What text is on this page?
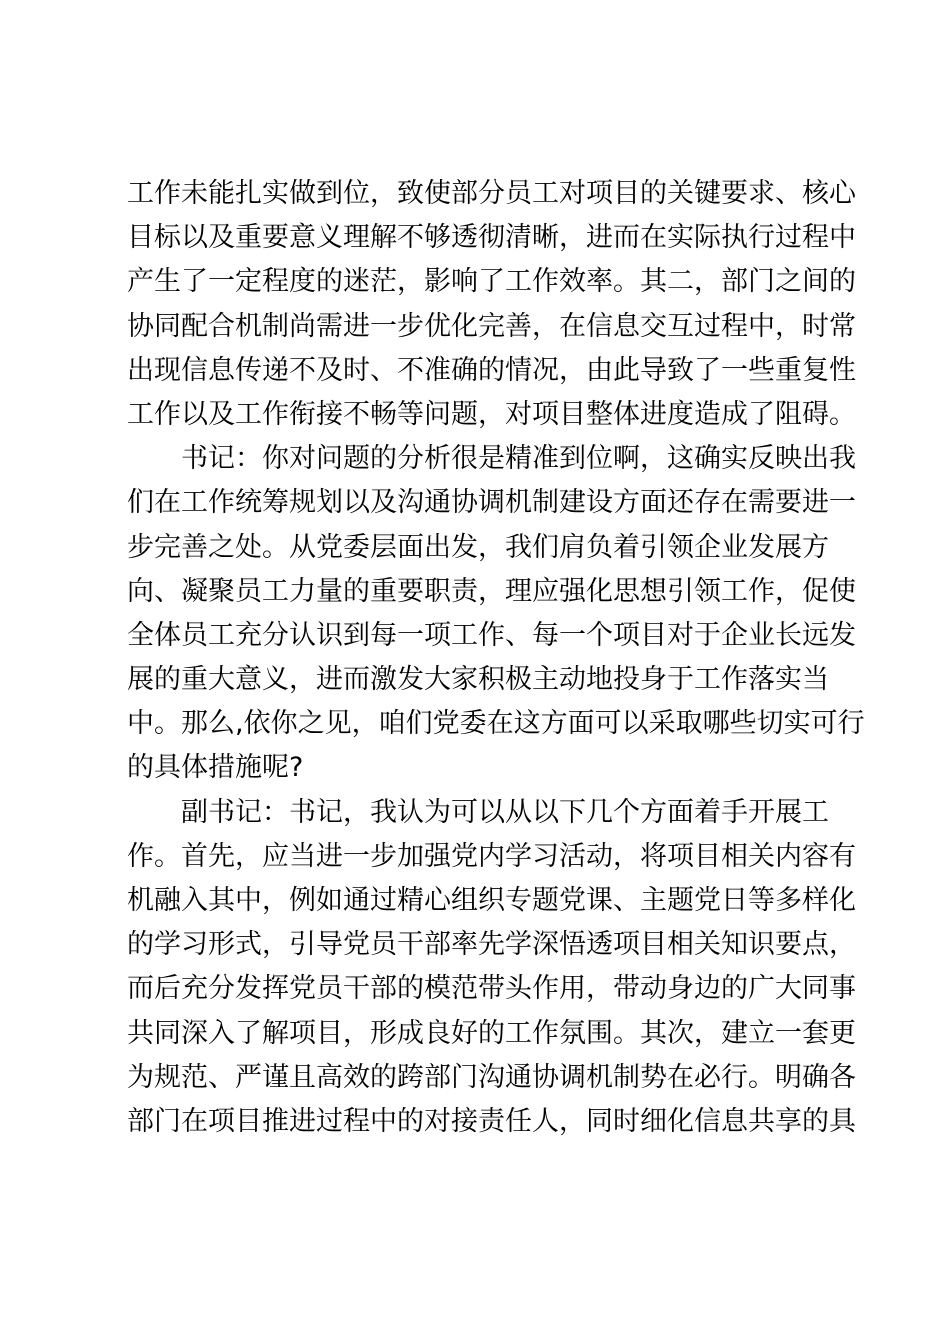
工作未能扎实做到位，致使部分员工对项目的关键要求、核心
目标以及重要意义理解不够透彻清晰，进而在实际执行过程中
产生了一定程度的迷茫，影响了工作效率。其二，部门之间的
协同配合机制尚需进一步优化完善，在信息交互过程中，时常
出现信息传递不及时、不准确的情况，由此导致了一些重复性
工作以及工作衔接不畅等问题，对项目整体进度造成了阻碍。
书记：你对问题的分析很是精准到位啊，这确实反映出我
们在工作统筹规划以及沟通协调机制建设方面还存在需要进一
步完善之处。从党委层面出发，我们肩负着引领企业发展方
向、凝聚员工力量的重要职责，理应强化思想引领工作，促使
全体员工充分认识到每一项工作、每一个项目对于企业长远发
展的重大意义，进而激发大家积极主动地投身于工作落实当
中。那么,依你之见，咱们党委在这方面可以采取哪些切实可行
的具体措施呢?
副书记：书记，我认为可以从以下几个方面着手开展工
作。首先，应当进一步加强党内学习活动，将项目相关内容有
机融入其中，例如通过精心组织专题党课、主题党日等多样化
的学习形式，引导党员干部率先学深悟透项目相关知识要点，
而后充分发挥党员干部的模范带头作用，带动身边的广大同事
共同深入了解项目，形成良好的工作氛围。其次，建立一套更
为规范、严谨且高效的跨部门沟通协调机制势在必行。明确各
部门在项目推进过程中的对接责任人，同时细化信息共享的具
